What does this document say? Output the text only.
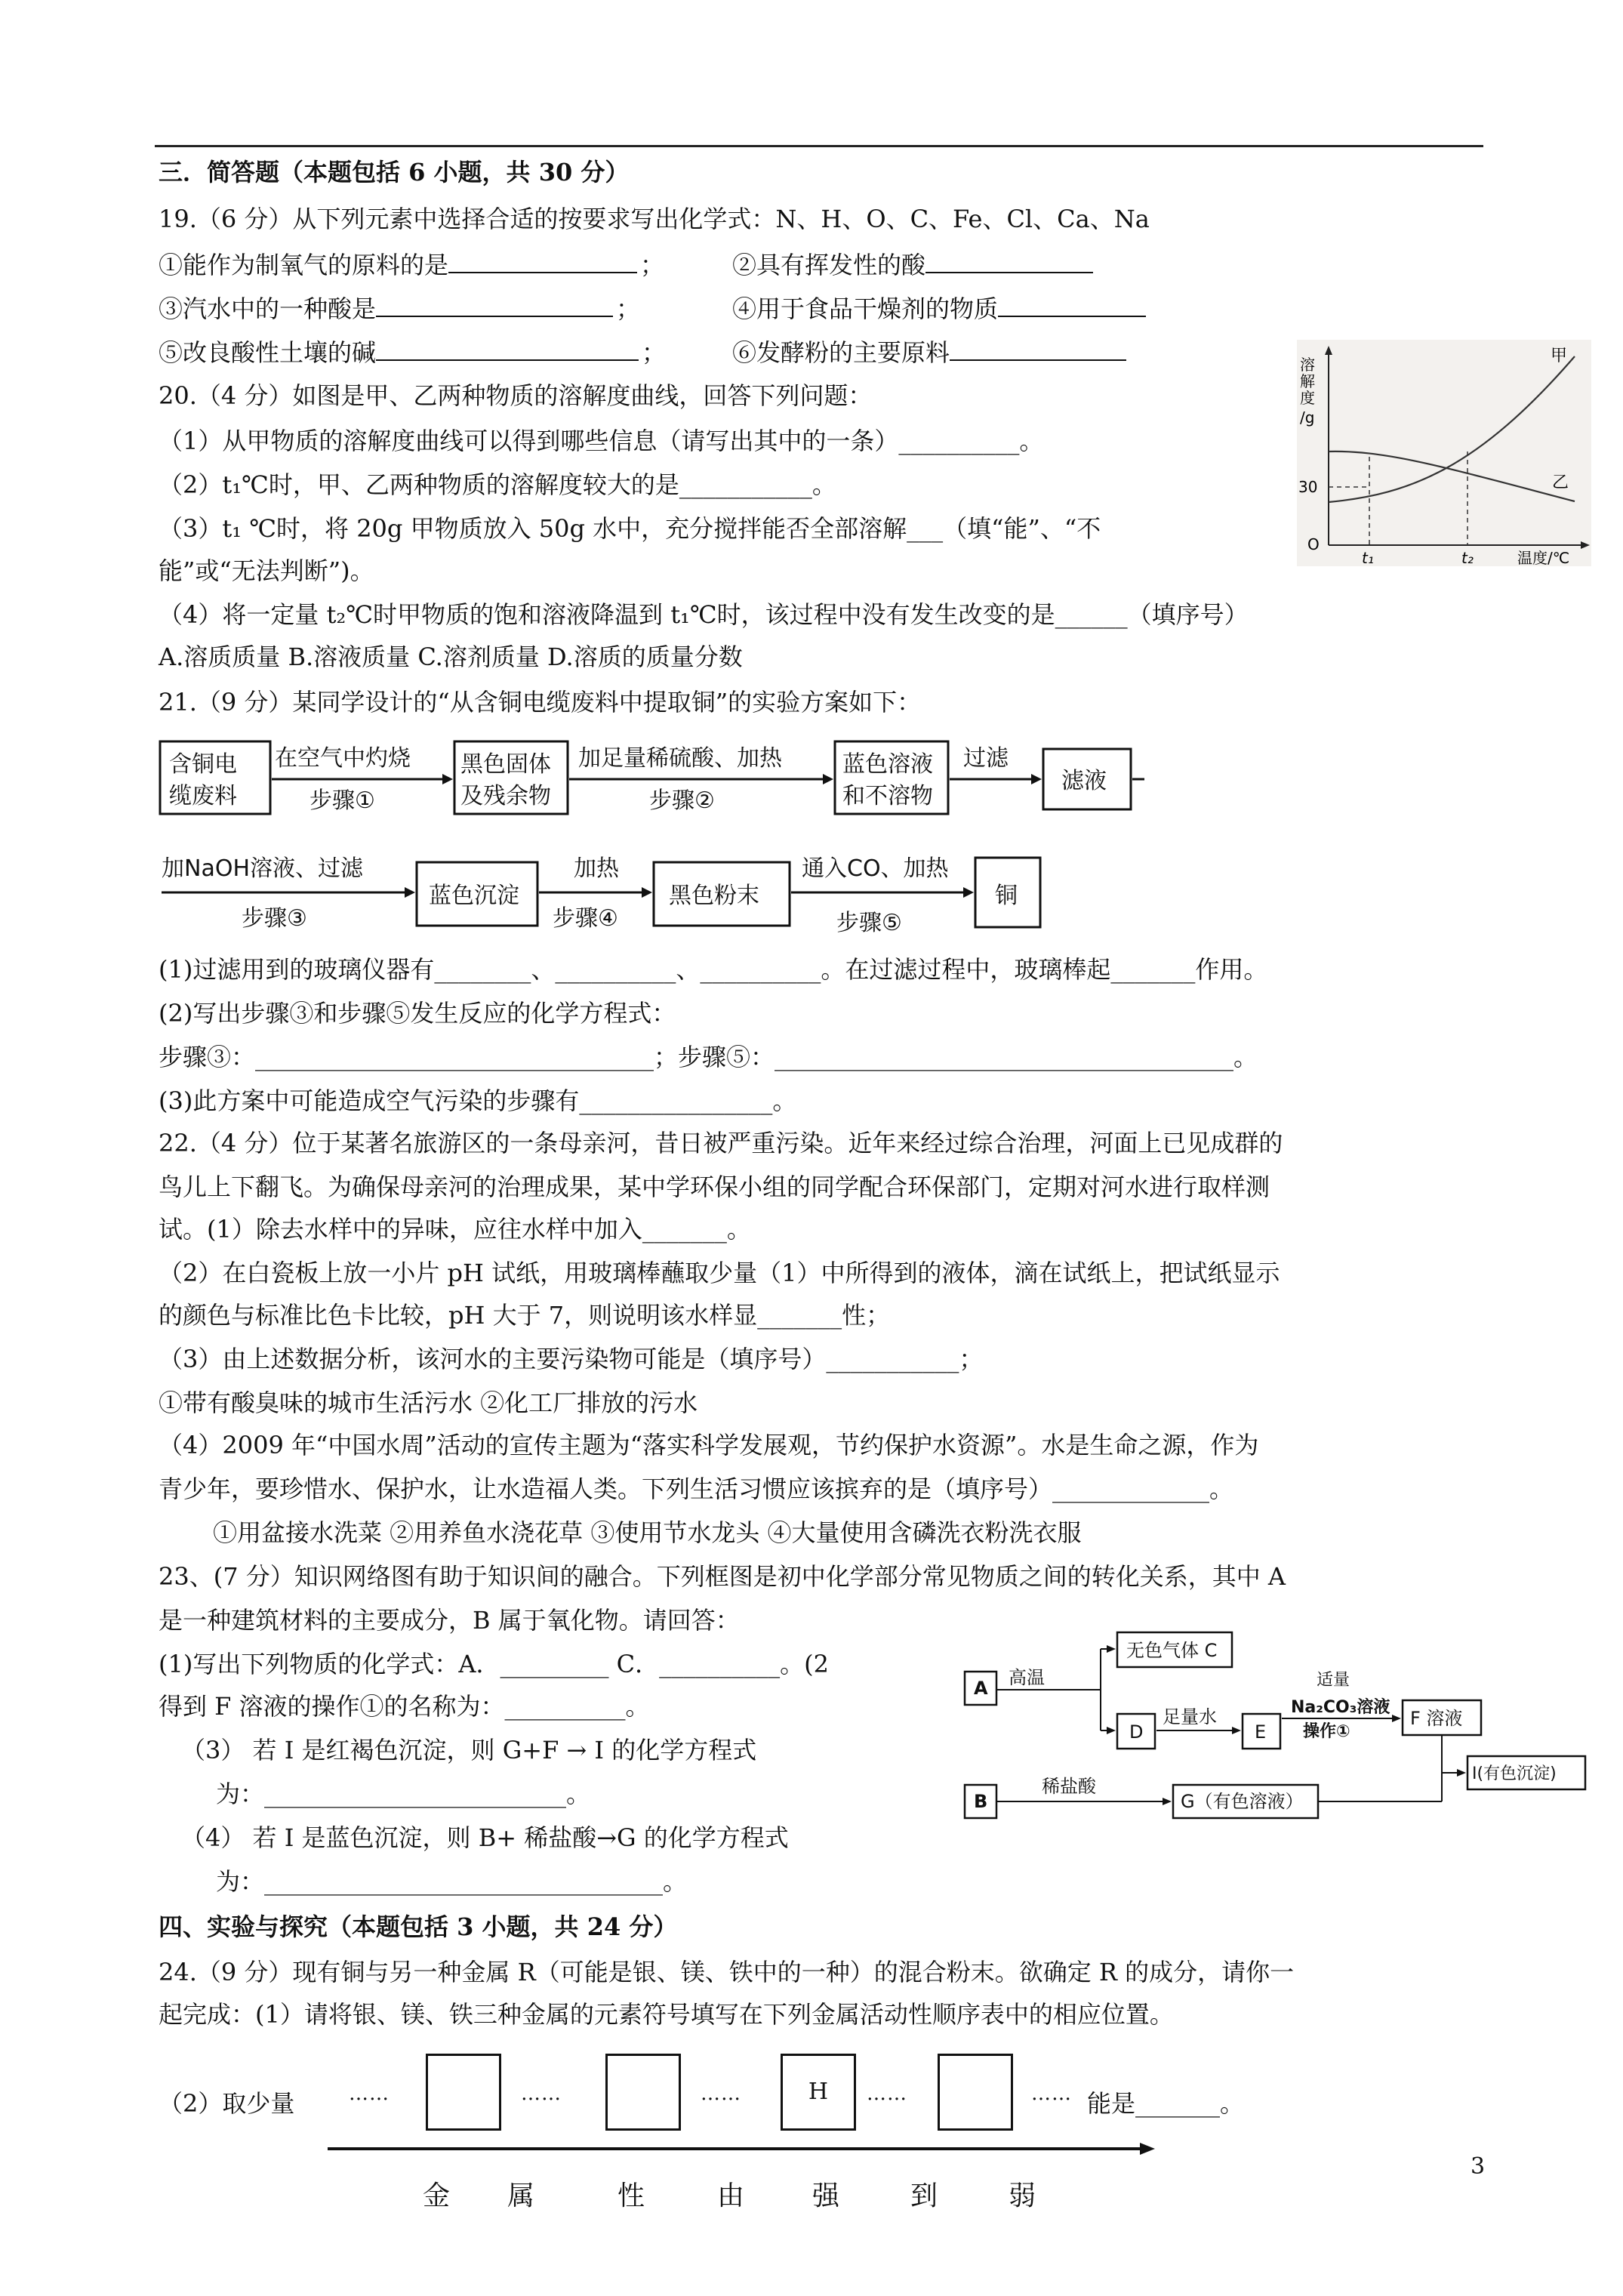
三．简答题（本题包括 6 小题，共 30 分）
19.（6 分）从下列元素中选择合适的按要求写出化学式：N、H、O、C、Fe、Cl、Ca、Na
①能作为制氧气的原料的是	；	②具有挥发性的酸
③汽水中的一种酸是	；	④用于食品干燥剂的物质
⑤改良酸性土壤的碱	；	⑥发酵粉的主要原料
20.（4 分）如图是甲、乙两种物质的溶解度曲线，回答下列问题：
（1）从甲物质的溶解度曲线可以得到哪些信息（请写出其中的一条）__________。
（2）t₁℃时，甲、乙两种物质的溶解度较大的是___________。
（3）t₁ ℃时，将 20g 甲物质放入 50g 水中，充分搅拌能否全部溶解___（填“能”、“不
能”或“无法判断”)。
（4）将一定量 t₂℃时甲物质的饱和溶液降温到 t₁℃时，该过程中没有发生改变的是______（填序号）
A.溶质质量 B.溶液质量 C.溶剂质量 D.溶质的质量分数
溶解度/g
30
O
温度/℃
t₁	t₂
甲
乙
21.（9 分）某同学设计的“从含铜电缆废料中提取铜”的实验方案如下：
含铜电
缆废料
在空气中灼烧
步骤①
黑色固体
及残余物
加足量稀硫酸、加热
步骤②
蓝色溶液
和不溶物
过滤
滤液
加NaOH溶液、过滤
步骤③
蓝色沉淀
加热
步骤④
黑色粉末
通入CO、加热
步骤⑤
铜
(1)过滤用到的玻璃仪器有________、__________、__________。在过滤过程中，玻璃棒起_______作用。
(2)写出步骤③和步骤⑤发生反应的化学方程式：
步骤③：_________________________________；步骤⑤：______________________________________。
(3)此方案中可能造成空气污染的步骤有________________。
22.（4 分）位于某著名旅游区的一条母亲河，昔日被严重污染。近年来经过综合治理，河面上已见成群的
鸟儿上下翻飞。为确保母亲河的治理成果，某中学环保小组的同学配合环保部门，定期对河水进行取样测
试。(1）除去水样中的异味，应往水样中加入_______。
（2）在白瓷板上放一小片 pH 试纸，用玻璃棒蘸取少量（1）中所得到的液体，滴在试纸上，把试纸显示
的颜色与标准比色卡比较，pH 大于 7，则说明该水样显_______性；
（3）由上述数据分析，该河水的主要污染物可能是（填序号）___________；
①带有酸臭味的城市生活污水 ②化工厂排放的污水
（4）2009 年“中国水周”活动的宣传主题为“落实科学发展观，节约保护水资源”。水是生命之源，作为
青少年，要珍惜水、保护水，让水造福人类。下列生活习惯应该摈弃的是（填序号）_____________。
①用盆接水洗菜 ②用养鱼水浇花草 ③使用节水龙头 ④大量使用含磷洗衣粉洗衣服
23、(7 分）知识网络图有助于知识间的融合。下列框图是初中化学部分常见物质之间的转化关系，其中 A
是一种建筑材料的主要成分，B 属于氧化物。请回答：
(1)写出下列物质的化学式：A．_________ C．__________。(2
得到 F 溶液的操作①的名称为：__________。
（3） 若 I 是红褐色沉淀，则 G+F → I 的化学方程式
为：_________________________。
（4） 若 I 是蓝色沉淀，则 B+ 稀盐酸→G 的化学方程式
为：_________________________________。
A 高温
无色气体 C
D
足量水
E
适量
Na₂CO₃溶液
操作①
F 溶液
I(有色沉淀)
B
稀盐酸
G（有色溶液）
四、实验与探究（本题包括 3 小题，共 24 分）
24.（9 分）现有铜与另一种金属 R（可能是银、镁、铁中的一种）的混合粉末。欲确定 R 的成分，请你一
起完成：(1）请将银、镁、铁三种金属的元素符号填写在下列金属活动性顺序表中的相应位置。
（2）取少量	能是_______。
……	……	……	H	……	……
金 属	性	由 强	到	弱
3
